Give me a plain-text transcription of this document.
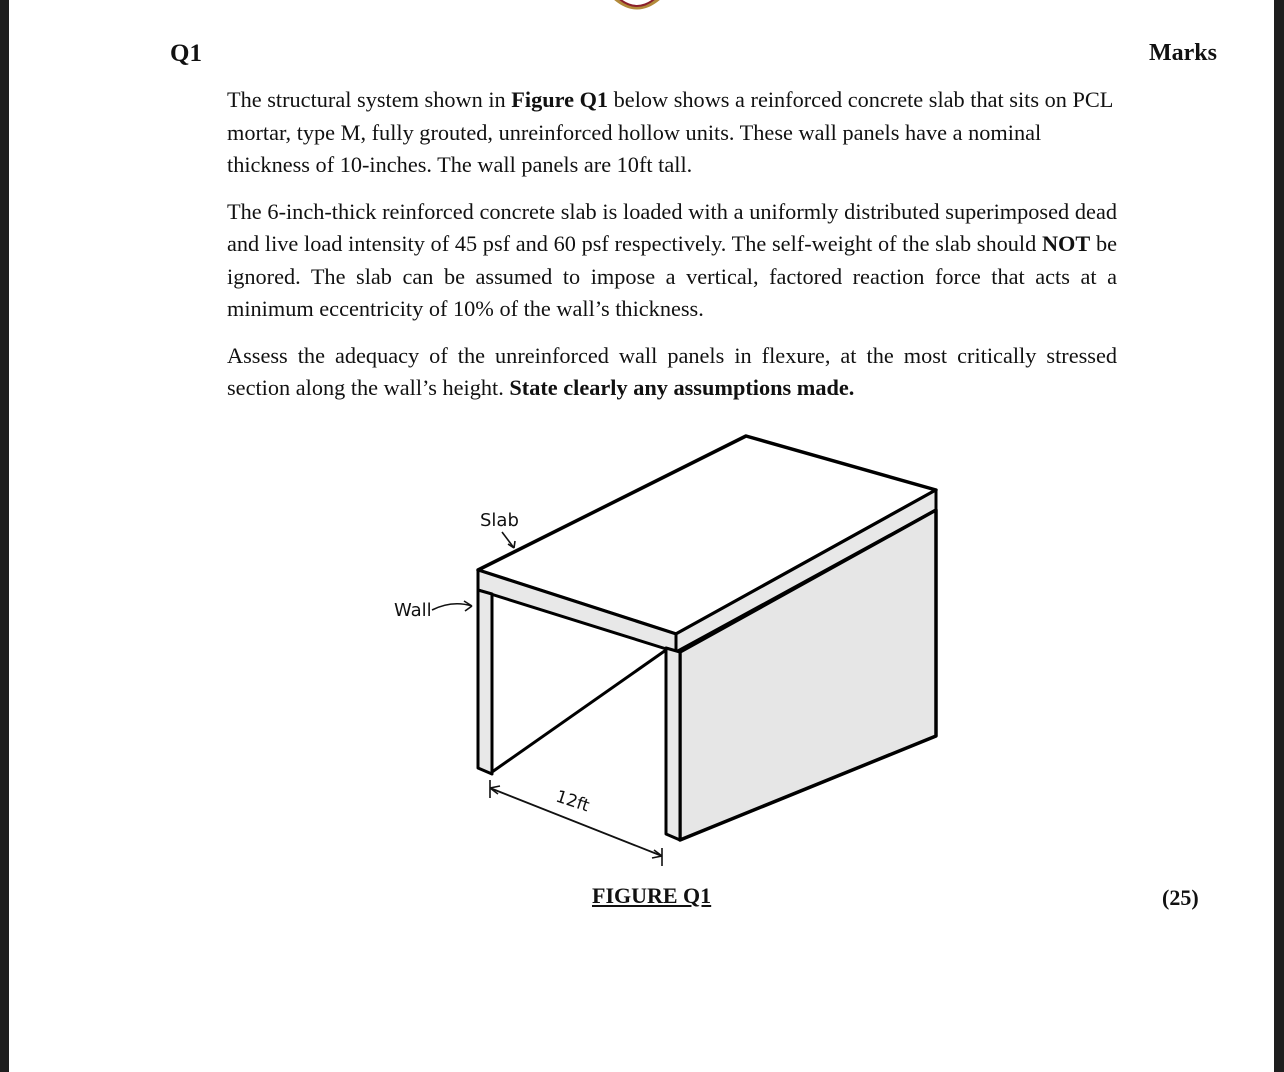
Q1	Marks

The structural system shown in Figure Q1 below shows a reinforced concrete slab that sits on PCL mortar, type M, fully grouted, unreinforced hollow units. These wall panels have a nominal thickness of 10-inches. The wall panels are 10ft tall.

The 6-inch-thick reinforced concrete slab is loaded with a uniformly distributed superimposed dead and live load intensity of 45 psf and 60 psf respectively. The self-weight of the slab should NOT be ignored. The slab can be assumed to impose a vertical, factored reaction force that acts at a minimum eccentricity of 10% of the wall’s thickness.

Assess the adequacy of the unreinforced wall panels in flexure, at the most critically stressed section along the wall’s height. State clearly any assumptions made.

Slab
Wall
12ft
FIGURE Q1	(25)
